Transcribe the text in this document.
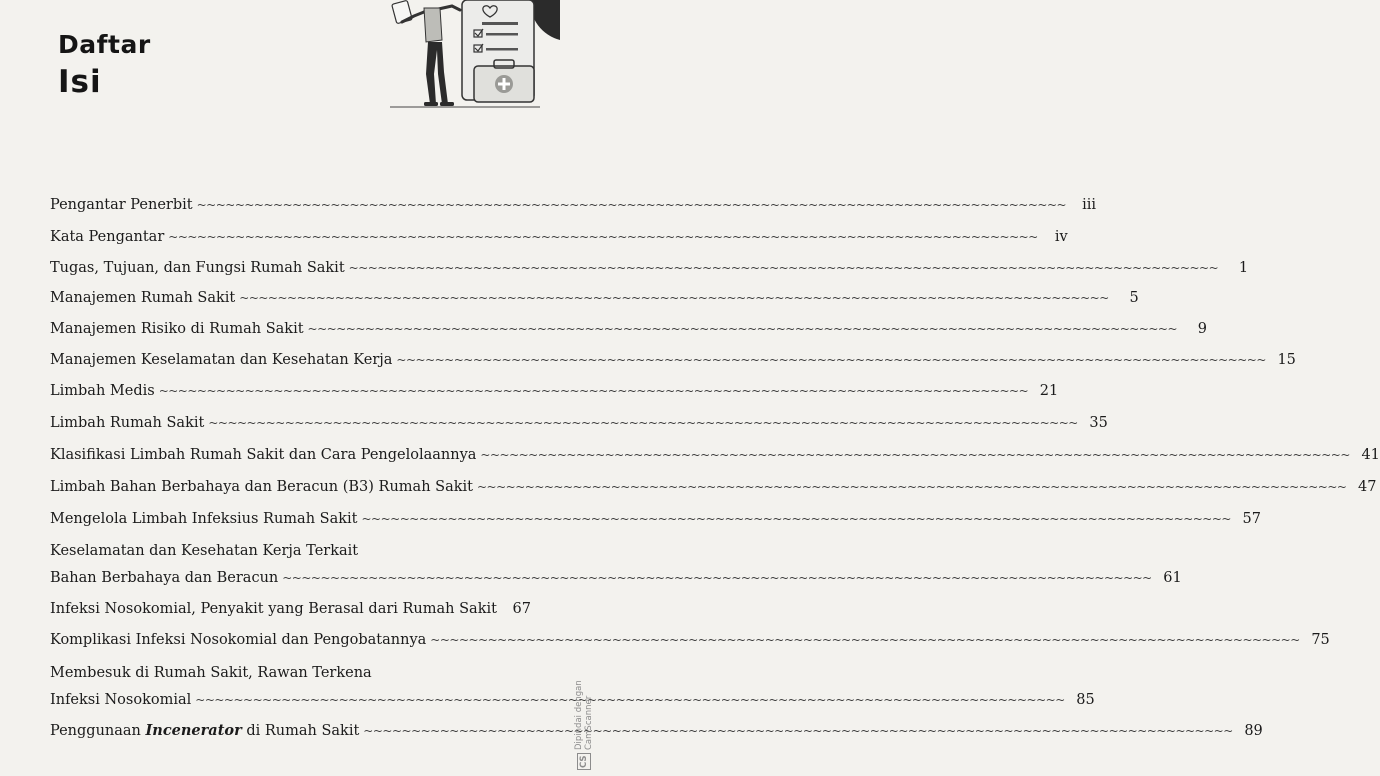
Daftar
Isi
Pengantar Penerbit ~~~~~~~~~~~~~~~~~~~~~~~~~~~~~~~~~~~~~~~~~~~~~~~~~~~~~~~~~~~~~~~~~~~~~~~~~~~~~~~~~~~~~~~~~~~	iii
Kata Pengantar ~~~~~~~~~~~~~~~~~~~~~~~~~~~~~~~~~~~~~~~~~~~~~~~~~~~~~~~~~~~~~~~~~~~~~~~~~~~~~~~~~~~~~~~~~~~	iv
Tugas, Tujuan, dan Fungsi Rumah Sakit ~~~~~~~~~~~~~~~~~~~~~~~~~~~~~~~~~~~~~~~~~~~~~~~~~~~~~~~~~~~~~~~~~~~~~~~~~~~~~~~~~~~~~~~~~~~	1
Manajemen Rumah Sakit ~~~~~~~~~~~~~~~~~~~~~~~~~~~~~~~~~~~~~~~~~~~~~~~~~~~~~~~~~~~~~~~~~~~~~~~~~~~~~~~~~~~~~~~~~~~	5
Manajemen Risiko di Rumah Sakit ~~~~~~~~~~~~~~~~~~~~~~~~~~~~~~~~~~~~~~~~~~~~~~~~~~~~~~~~~~~~~~~~~~~~~~~~~~~~~~~~~~~~~~~~~~~	9
Manajemen Keselamatan dan Kesehatan Kerja ~~~~~~~~~~~~~~~~~~~~~~~~~~~~~~~~~~~~~~~~~~~~~~~~~~~~~~~~~~~~~~~~~~~~~~~~~~~~~~~~~~~~~~~~~~~ 15
Limbah Medis ~~~~~~~~~~~~~~~~~~~~~~~~~~~~~~~~~~~~~~~~~~~~~~~~~~~~~~~~~~~~~~~~~~~~~~~~~~~~~~~~~~~~~~~~~~~ 21
Limbah Rumah Sakit ~~~~~~~~~~~~~~~~~~~~~~~~~~~~~~~~~~~~~~~~~~~~~~~~~~~~~~~~~~~~~~~~~~~~~~~~~~~~~~~~~~~~~~~~~~~ 35
Klasifikasi Limbah Rumah Sakit dan Cara Pengelolaannya ~~~~~~~~~~~~~~~~~~~~~~~~~~~~~~~~~~~~~~~~~~~~~~~~~~~~~~~~~~~~~~~~~~~~~~~~~~~~~~~~~~~~~~~~~~~ 41
Limbah Bahan Berbahaya dan Beracun (B3) Rumah Sakit ~~~~~~~~~~~~~~~~~~~~~~~~~~~~~~~~~~~~~~~~~~~~~~~~~~~~~~~~~~~~~~~~~~~~~~~~~~~~~~~~~~~~~~~~~~~ 47
Mengelola Limbah Infeksius Rumah Sakit ~~~~~~~~~~~~~~~~~~~~~~~~~~~~~~~~~~~~~~~~~~~~~~~~~~~~~~~~~~~~~~~~~~~~~~~~~~~~~~~~~~~~~~~~~~~ 57
Keselamatan dan Kesehatan Kerja Terkait
Bahan Berbahaya dan Beracun ~~~~~~~~~~~~~~~~~~~~~~~~~~~~~~~~~~~~~~~~~~~~~~~~~~~~~~~~~~~~~~~~~~~~~~~~~~~~~~~~~~~~~~~~~~~ 61
Infeksi Nosokomial, Penyakit yang Berasal dari Rumah Sakit	67
Komplikasi Infeksi Nosokomial dan Pengobatannya ~~~~~~~~~~~~~~~~~~~~~~~~~~~~~~~~~~~~~~~~~~~~~~~~~~~~~~~~~~~~~~~~~~~~~~~~~~~~~~~~~~~~~~~~~~~ 75
Membesuk di Rumah Sakit, Rawan Terkena
Infeksi Nosokomial ~~~~~~~~~~~~~~~~~~~~~~~~~~~~~~~~~~~~~~~~~~~~~~~~~~~~~~~~~~~~~~~~~~~~~~~~~~~~~~~~~~~~~~~~~~~ 85
Penggunaan Incenerator di Rumah Sakit ~~~~~~~~~~~~~~~~~~~~~~~~~~~~~~~~~~~~~~~~~~~~~~~~~~~~~~~~~~~~~~~~~~~~~~~~~~~~~~~~~~~~~~~~~~~ 89
CS
Dipindai dengan CamScanner
